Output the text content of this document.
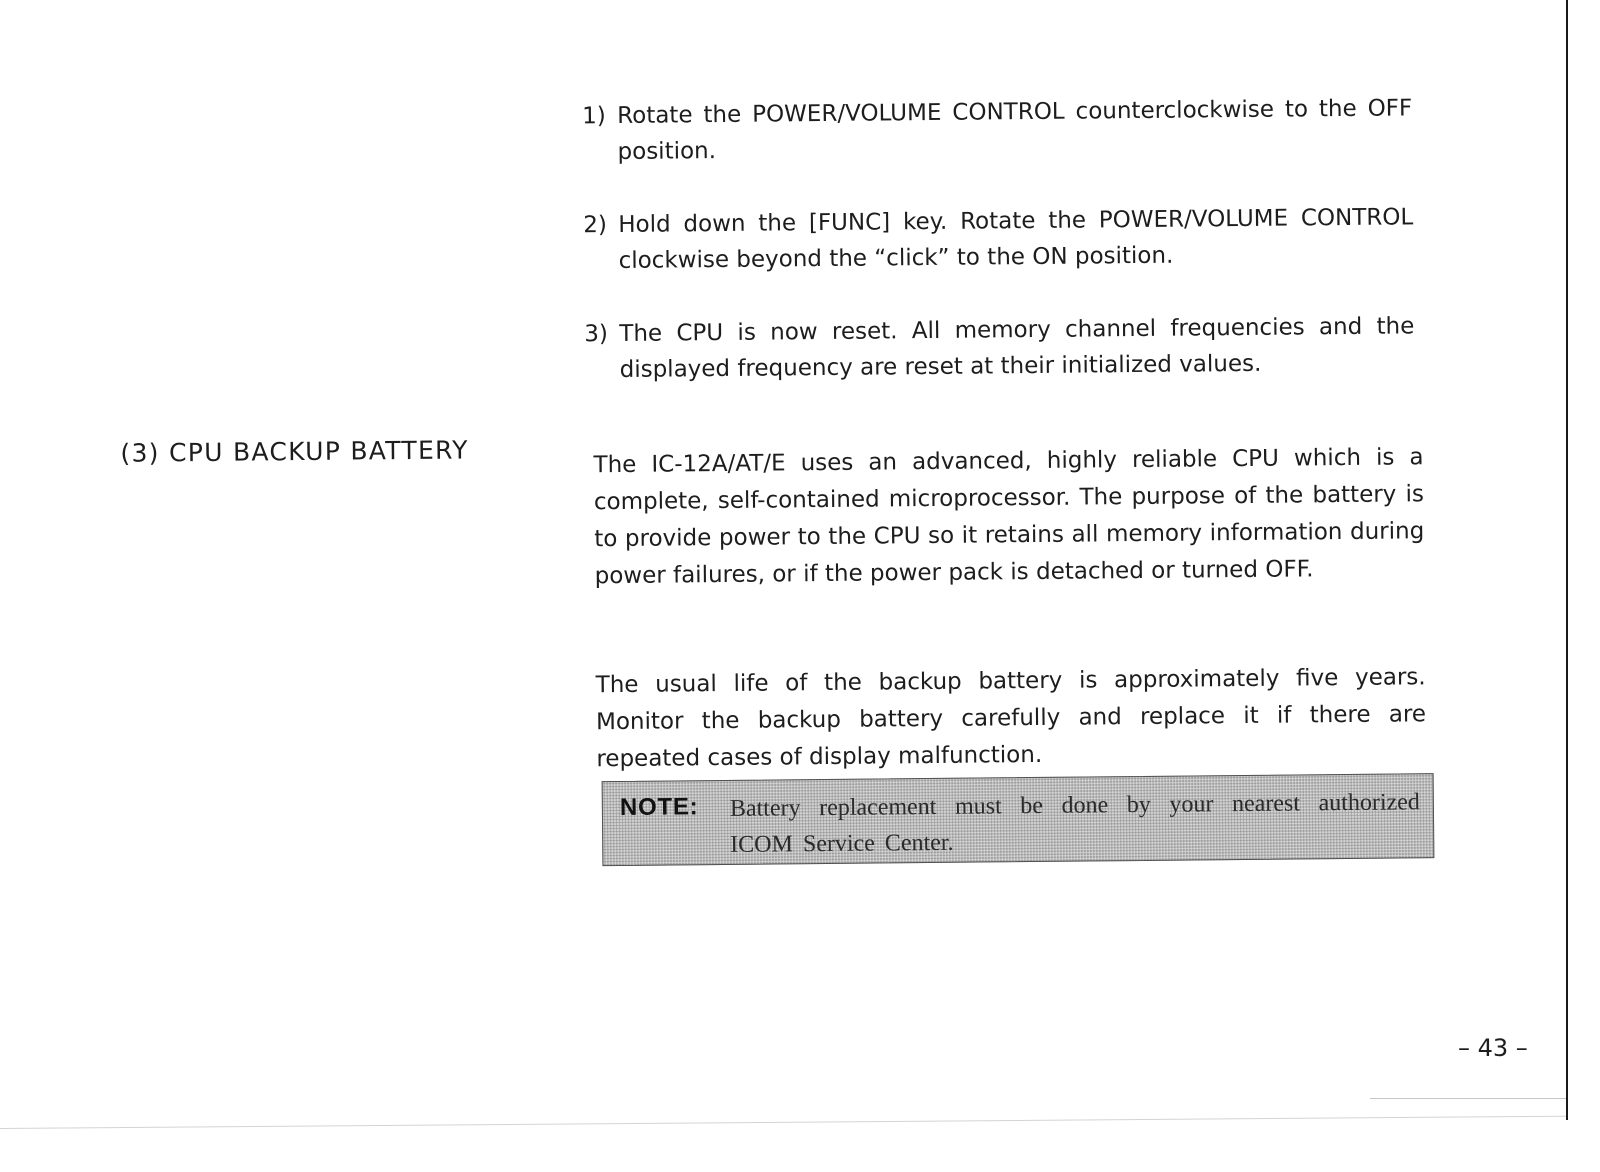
(3) CPU BACKUP BATTERY
1) Rotate the POWER/VOLUME CONTROL counterclockwise to the OFF position.
2) Hold down the [FUNC] key. Rotate the POWER/VOLUME CONTROL clockwise beyond the “click” to the ON position.
3) The CPU is now reset. All memory channel frequencies and the displayed frequency are reset at their initialized values.

The IC-12A/AT/E uses an advanced, highly reliable CPU which is a complete, self-contained microprocessor. The purpose of the battery is to provide power to the CPU so it retains all memory information during power failures, or if the power pack is detached or turned OFF.

The usual life of the backup battery is approximately five years. Monitor the backup battery carefully and replace it if there are repeated cases of display malfunction.

NOTE: Battery replacement must be done by your nearest authorized ICOM Service Center.
– 43 –
